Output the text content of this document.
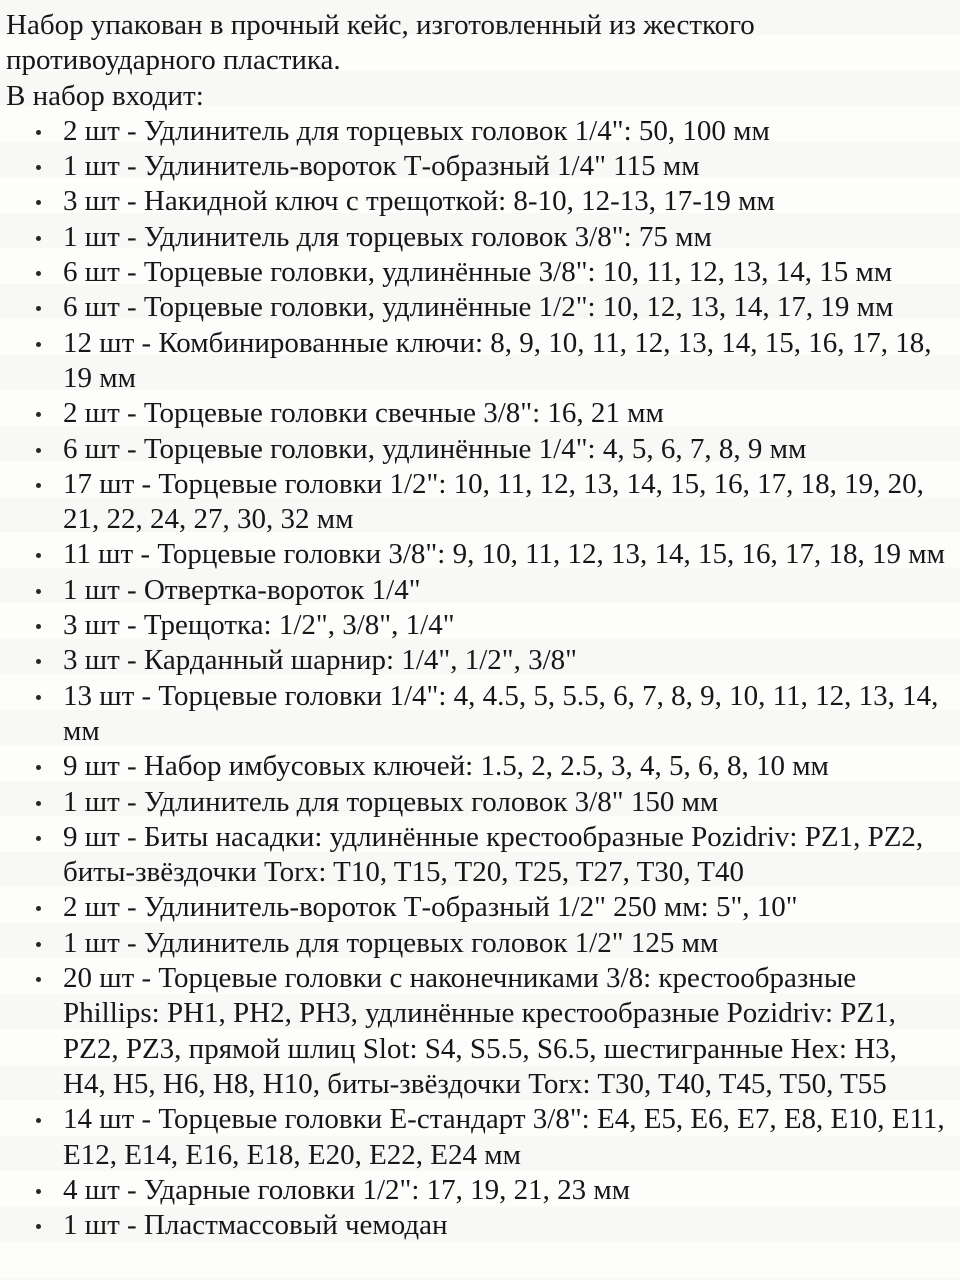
Набор упакован в прочный кейс, изготовленный из жесткого противоударного пластика.

В набор входит:

2 шт - Удлинитель для торцевых головок 1/4": 50, 100 мм
1 шт - Удлинитель-вороток Т-образный 1/4" 115 мм
3 шт - Накидной ключ с трещоткой: 8-10, 12-13, 17-19 мм
1 шт - Удлинитель для торцевых головок 3/8": 75 мм
6 шт - Торцевые головки, удлинённые 3/8": 10, 11, 12, 13, 14, 15 мм
6 шт - Торцевые головки, удлинённые 1/2": 10, 12, 13, 14, 17, 19 мм
12 шт - Комбинированные ключи: 8, 9, 10, 11, 12, 13, 14, 15, 16, 17, 18, 19 мм
2 шт - Торцевые головки свечные 3/8": 16, 21 мм
6 шт - Торцевые головки, удлинённые 1/4": 4, 5, 6, 7, 8, 9 мм
17 шт - Торцевые головки 1/2": 10, 11, 12, 13, 14, 15, 16, 17, 18, 19, 20, 21, 22, 24, 27, 30, 32 мм
11 шт - Торцевые головки 3/8": 9, 10, 11, 12, 13, 14, 15, 16, 17, 18, 19 мм
1 шт - Отвертка-вороток 1/4"
3 шт - Трещотка: 1/2", 3/8", 1/4"
3 шт - Карданный шарнир: 1/4", 1/2", 3/8"
13 шт - Торцевые головки 1/4": 4, 4.5, 5, 5.5, 6, 7, 8, 9, 10, 11, 12, 13, 14, мм
9 шт - Набор имбусовых ключей: 1.5, 2, 2.5, 3, 4, 5, 6, 8, 10 мм
1 шт - Удлинитель для торцевых головок 3/8" 150 мм
9 шт - Биты насадки: удлинённые крестообразные Pozidriv: PZ1, PZ2, биты-звёздочки Torx: T10, T15, T20, T25, T27, T30, T40
2 шт - Удлинитель-вороток Т-образный 1/2" 250 мм: 5", 10"
1 шт - Удлинитель для торцевых головок 1/2" 125 мм
20 шт - Торцевые головки с наконечниками 3/8: крестообразные Phillips: PH1, PH2, PH3, удлинённые крестообразные Pozidriv: PZ1, PZ2, PZ3, прямой шлиц Slot: S4, S5.5, S6.5, шестигранные Hex: H3, H4, H5, H6, H8, H10, биты-звёздочки Torx: T30, T40, T45, T50, T55
14 шт - Торцевые головки Е-стандарт 3/8": E4, E5, E6, E7, E8, E10, E11, E12, E14, E16, E18, E20, E22, E24 мм
4 шт - Ударные головки 1/2": 17, 19, 21, 23 мм
1 шт - Пластмассовый чемодан
